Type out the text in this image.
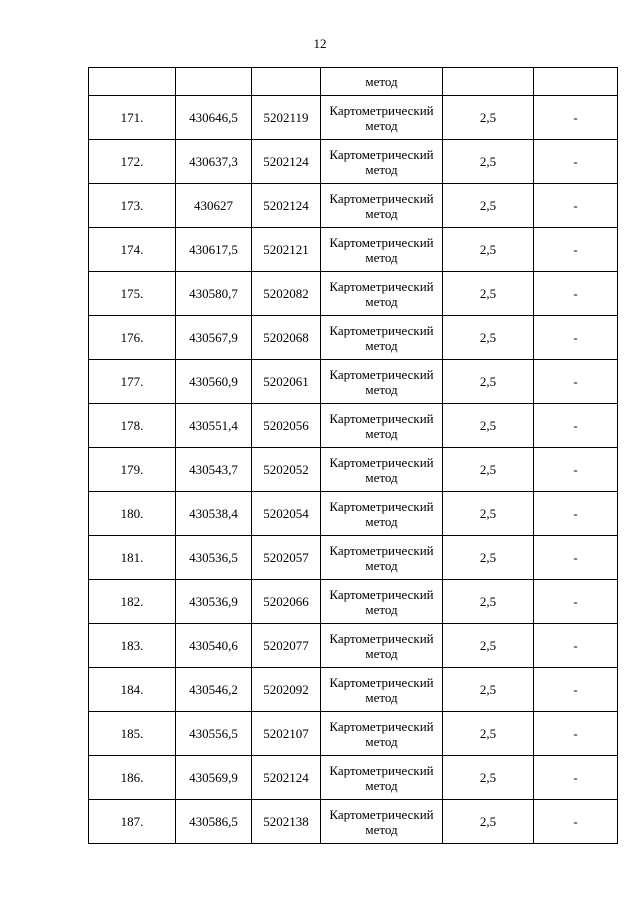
12
			метод		
171.	430646,5	5202119	Картометрический
метод	2,5	-
172.	430637,3	5202124	Картометрический
метод	2,5	-
173.	430627	5202124	Картометрический
метод	2,5	-
174.	430617,5	5202121	Картометрический
метод	2,5	-
175.	430580,7	5202082	Картометрический
метод	2,5	-
176.	430567,9	5202068	Картометрический
метод	2,5	-
177.	430560,9	5202061	Картометрический
метод	2,5	-
178.	430551,4	5202056	Картометрический
метод	2,5	-
179.	430543,7	5202052	Картометрический
метод	2,5	-
180.	430538,4	5202054	Картометрический
метод	2,5	-
181.	430536,5	5202057	Картометрический
метод	2,5	-
182.	430536,9	5202066	Картометрический
метод	2,5	-
183.	430540,6	5202077	Картометрический
метод	2,5	-
184.	430546,2	5202092	Картометрический
метод	2,5	-
185.	430556,5	5202107	Картометрический
метод	2,5	-
186.	430569,9	5202124	Картометрический
метод	2,5	-
187.	430586,5	5202138	Картометрический
метод	2,5	-
